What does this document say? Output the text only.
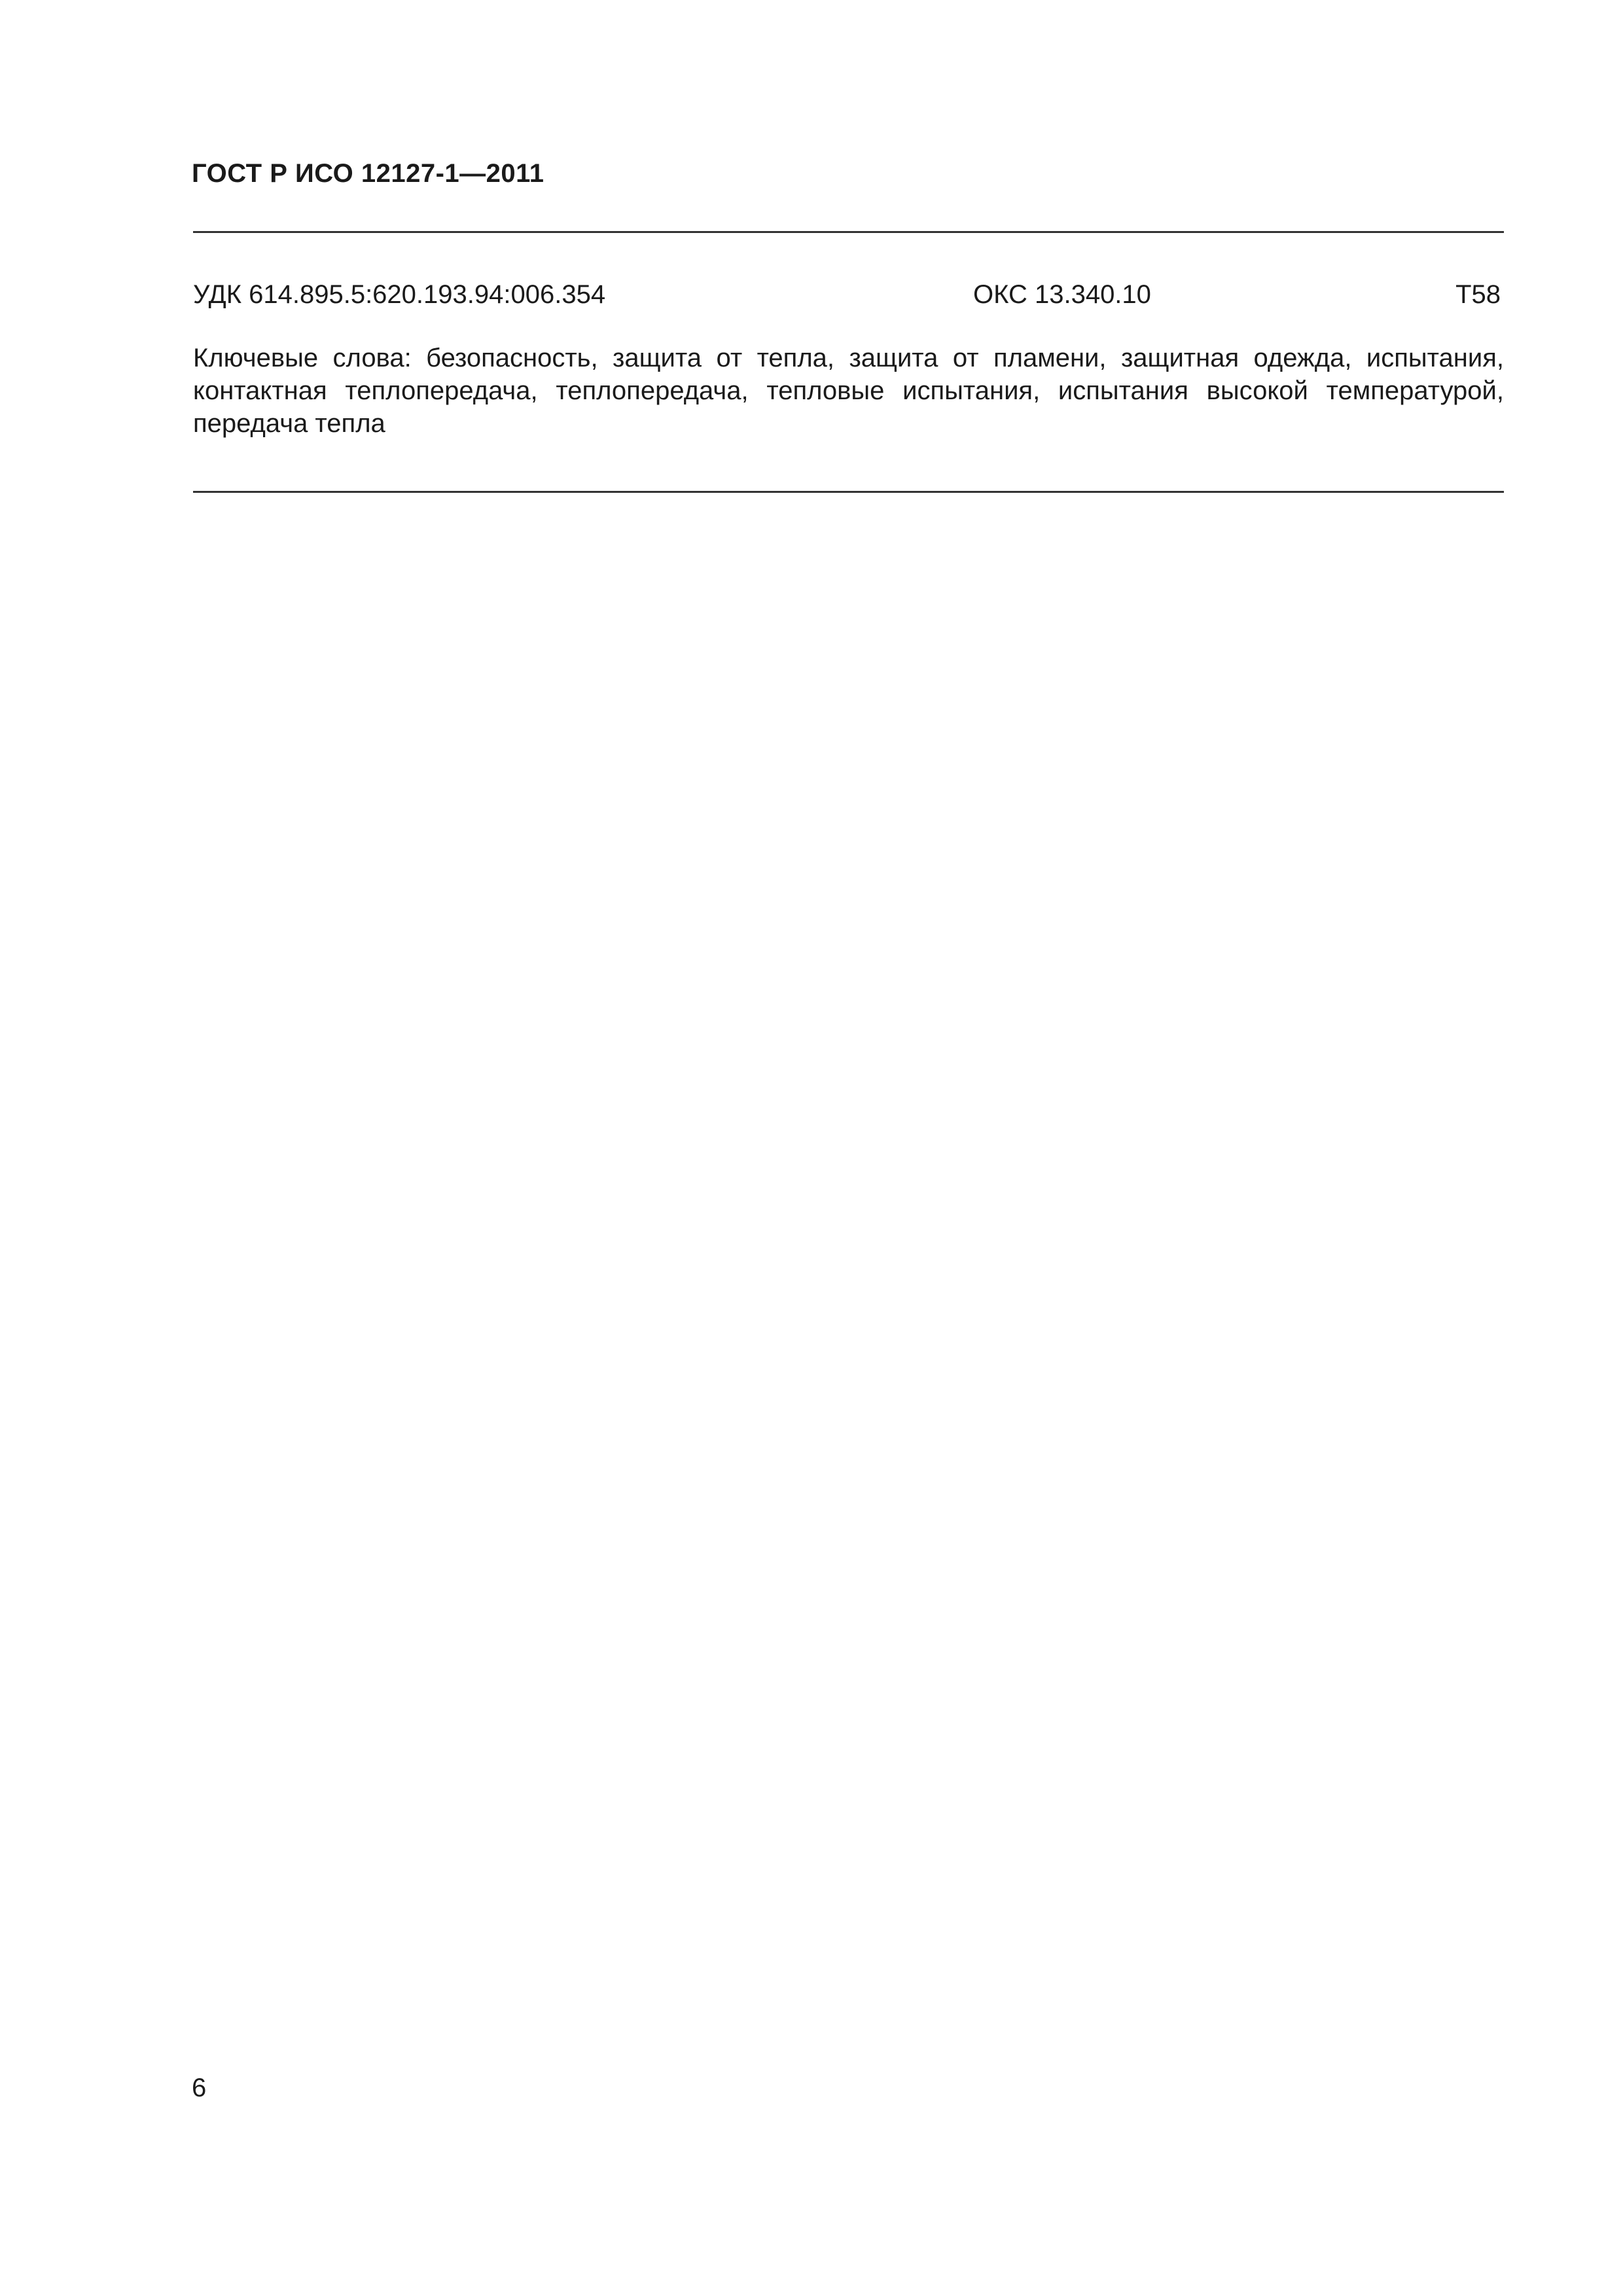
ГОСТ Р ИСО 12127-1—2011
УДК 614.895.5:620.193.94:006.354	ОКС 13.340.10	Т58

Ключевые слова: безопасность, защита от тепла, защита от пламени, защитная одежда, испытания, контактная теплопередача, теплопередача, тепловые испытания, испытания высокой температурой, передача тепла

6
